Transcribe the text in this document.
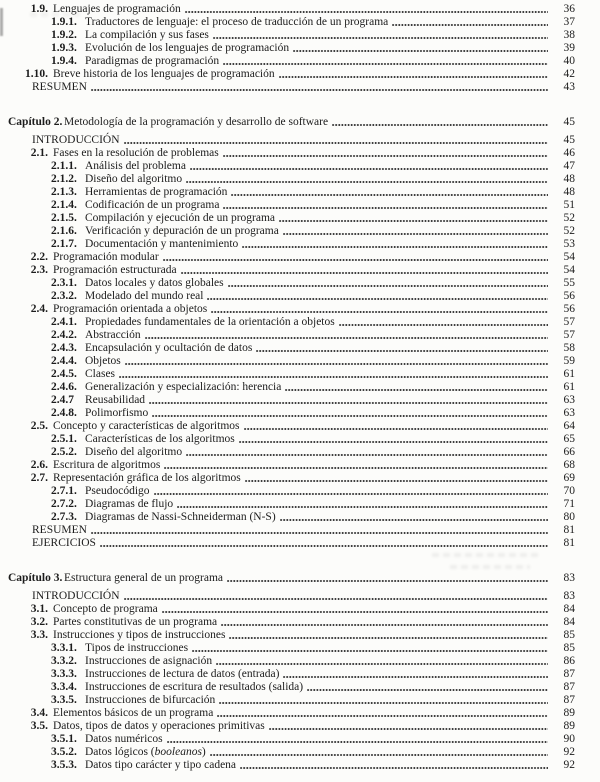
1.9. Lenguajes de programación	36
1.9.1. Traductores de lenguaje: el proceso de traducción de un programa	37
1.9.2. La compilación y sus fases	38
1.9.3. Evolución de los lenguajes de programación	39
1.9.4. Paradigmas de programación	40
1.10. Breve historia de los lenguajes de programación	42
RESUMEN	43
Capítulo 2. Metodología de la programación y desarrollo de software	45
INTRODUCCIÓN	45
2.1. Fases en la resolución de problemas	46
2.1.1. Análisis del problema	47
2.1.2. Diseño del algoritmo	48
2.1.3. Herramientas de programación	48
2.1.4. Codificación de un programa	51
2.1.5. Compilación y ejecución de un programa	52
2.1.6. Verificación y depuración de un programa	52
2.1.7. Documentación y mantenimiento	53
2.2. Programación modular	54
2.3. Programación estructurada	54
2.3.1. Datos locales y datos globales	55
2.3.2. Modelado del mundo real	56
2.4. Programación orientada a objetos	56
2.4.1. Propiedades fundamentales de la orientación a objetos	57
2.4.2. Abstracción	57
2.4.3. Encapsulación y ocultación de datos	58
2.4.4. Objetos	59
2.4.5. Clases	61
2.4.6. Generalización y especialización: herencia	61
2.4.7 Reusabilidad	63
2.4.8. Polimorfismo	63
2.5. Concepto y características de algoritmos	64
2.5.1. Características de los algoritmos	65
2.5.2. Diseño del algoritmo	66
2.6. Escritura de algoritmos	68
2.7. Representación gráfica de los algoritmos	69
2.7.1. Pseudocódigo	70
2.7.2. Diagramas de flujo	71
2.7.3. Diagramas de Nassi-Schneiderman (N-S)	80
RESUMEN	81
EJERCICIOS	81
Capítulo 3. Estructura general de un programa	83
INTRODUCCIÓN	83
3.1. Concepto de programa	84
3.2. Partes constitutivas de un programa	84
3.3. Instrucciones y tipos de instrucciones	85
3.3.1. Tipos de instrucciones	85
3.3.2. Instrucciones de asignación	86
3.3.3. Instrucciones de lectura de datos (entrada)	87
3.3.4. Instrucciones de escritura de resultados (salida)	87
3.3.5. Instrucciones de bifurcación	87
3.4. Elementos básicos de un programa	89
3.5. Datos, tipos de datos y operaciones primitivas	89
3.5.1. Datos numéricos	90
3.5.2. Datos lógicos (booleanos)	92
3.5.3. Datos tipo carácter y tipo cadena	92
